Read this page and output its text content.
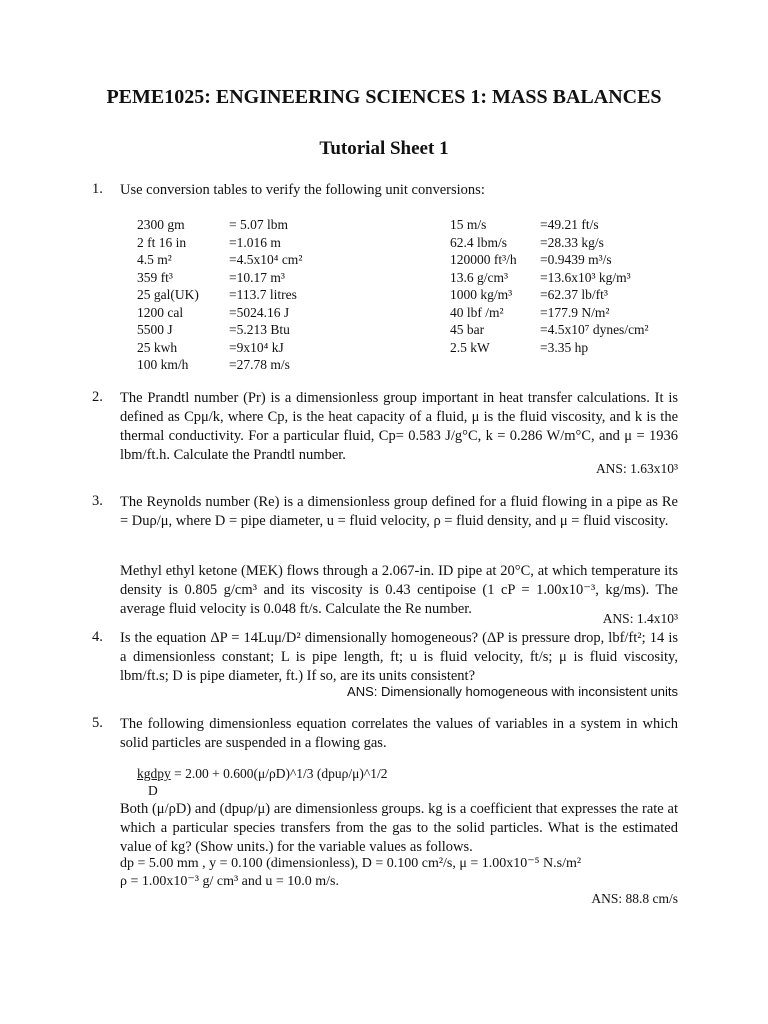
PEME1025: ENGINEERING SCIENCES 1: MASS BALANCES
Tutorial Sheet 1
1. Use conversion tables to verify the following unit conversions:
2300 gm
2 ft 16 in
4.5 m²
359 ft³
25 gal(UK)
1200 cal
5500 J
25 kwh
100 km/h
= 5.07 lbm
=1.016 m
=4.5x10⁴ cm²
=10.17 m³
=113.7 litres
=5024.16 J
=5.213 Btu
=9x10⁴ kJ
=27.78 m/s
15 m/s
62.4 lbm/s
120000 ft³/h
13.6 g/cm³
1000 kg/m³
40 lbf /m²
45 bar
2.5 kW
=49.21 ft/s
=28.33 kg/s
=0.9439 m³/s
=13.6x10³ kg/m³
=62.37 lb/ft³
=177.9 N/m²
=4.5x10⁷ dynes/cm²
=3.35 hp
2. The Prandtl number (Pr) is a dimensionless group important in heat transfer calculations. It is defined as Cpμ/k, where Cp, is the heat capacity of a fluid, μ is the fluid viscosity, and k is the thermal conductivity. For a particular fluid, Cp= 0.583 J/g°C, k = 0.286 W/m°C, and μ = 1936 lbm/ft.h. Calculate the Prandtl number.
ANS: 1.63x10³
3. The Reynolds number (Re) is a dimensionless group defined for a fluid flowing in a pipe as Re = Duρ/μ, where D = pipe diameter, u = fluid velocity, ρ = fluid density, and μ = fluid viscosity.
Methyl ethyl ketone (MEK) flows through a 2.067-in. ID pipe at 20°C, at which temperature its density is 0.805 g/cm³ and its viscosity is 0.43 centipoise (1 cP = 1.00x10⁻³, kg/ms). The average fluid velocity is 0.048 ft/s. Calculate the Re number.
ANS: 1.4x10³
4. Is the equation ΔP = 14Luμ/D² dimensionally homogeneous? (ΔP is pressure drop, lbf/ft²; 14 is a dimensionless constant; L is pipe length, ft; u is fluid velocity, ft/s; μ is fluid viscosity, lbm/ft.s; D is pipe diameter, ft.) If so, are its units consistent?
ANS: Dimensionally homogeneous with inconsistent units
5. The following dimensionless equation correlates the values of variables in a system in which solid particles are suspended in a flowing gas.
kgdpy = 2.00 + 0.600(μ/ρD)^1/3 (dpuρ/μ)^1/2
D
Both (μ/ρD) and (dpuρ/μ) are dimensionless groups. kg is a coefficient that expresses the rate at which a particular species transfers from the gas to the solid particles. What is the estimated value of kg? (Show units.) for the variable values as follows.
dp = 5.00 mm , y = 0.100 (dimensionless), D = 0.100 cm²/s, μ = 1.00x10⁻⁵ N.s/m²
ρ = 1.00x10⁻³ g/ cm³ and u = 10.0 m/s.
ANS: 88.8 cm/s
